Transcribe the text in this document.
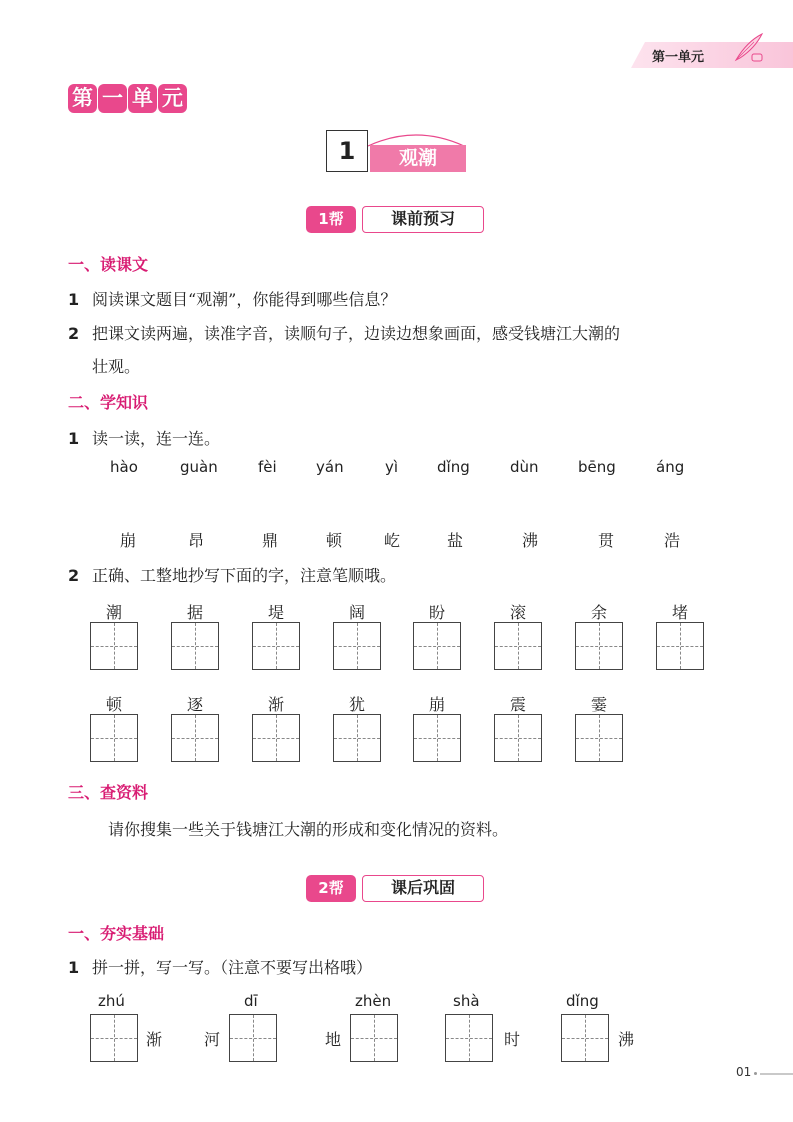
第一单元
第 一 单 元
1	观潮
1帮	课前预习
一、读课文
1 阅读课文题目“观潮”，你能得到哪些信息？
2 把课文读两遍，读准字音，读顺句子，边读边想象画面，感受钱塘江大潮的
壮观。
二、学知识
1 读一读，连一连。
hào	guàn	fèi	yán	yì	dǐng	dùn	bēng	áng
崩	昂	鼎	顿	屹	盐	沸	贯	浩
2 正确、工整地抄写下面的字，注意笔顺哦。
潮	据	堤	阔	盼	滚	余	堵
顿	逐	渐	犹	崩	震	霎
三、查资料
请你搜集一些关于钱塘江大潮的形成和变化情况的资料。
2帮	课后巩固
一、夯实基础
1 拼一拼，写一写。（注意不要写出格哦）
zhú
渐	河
dī
地
zhèn	shà
时
dǐng
沸
01
